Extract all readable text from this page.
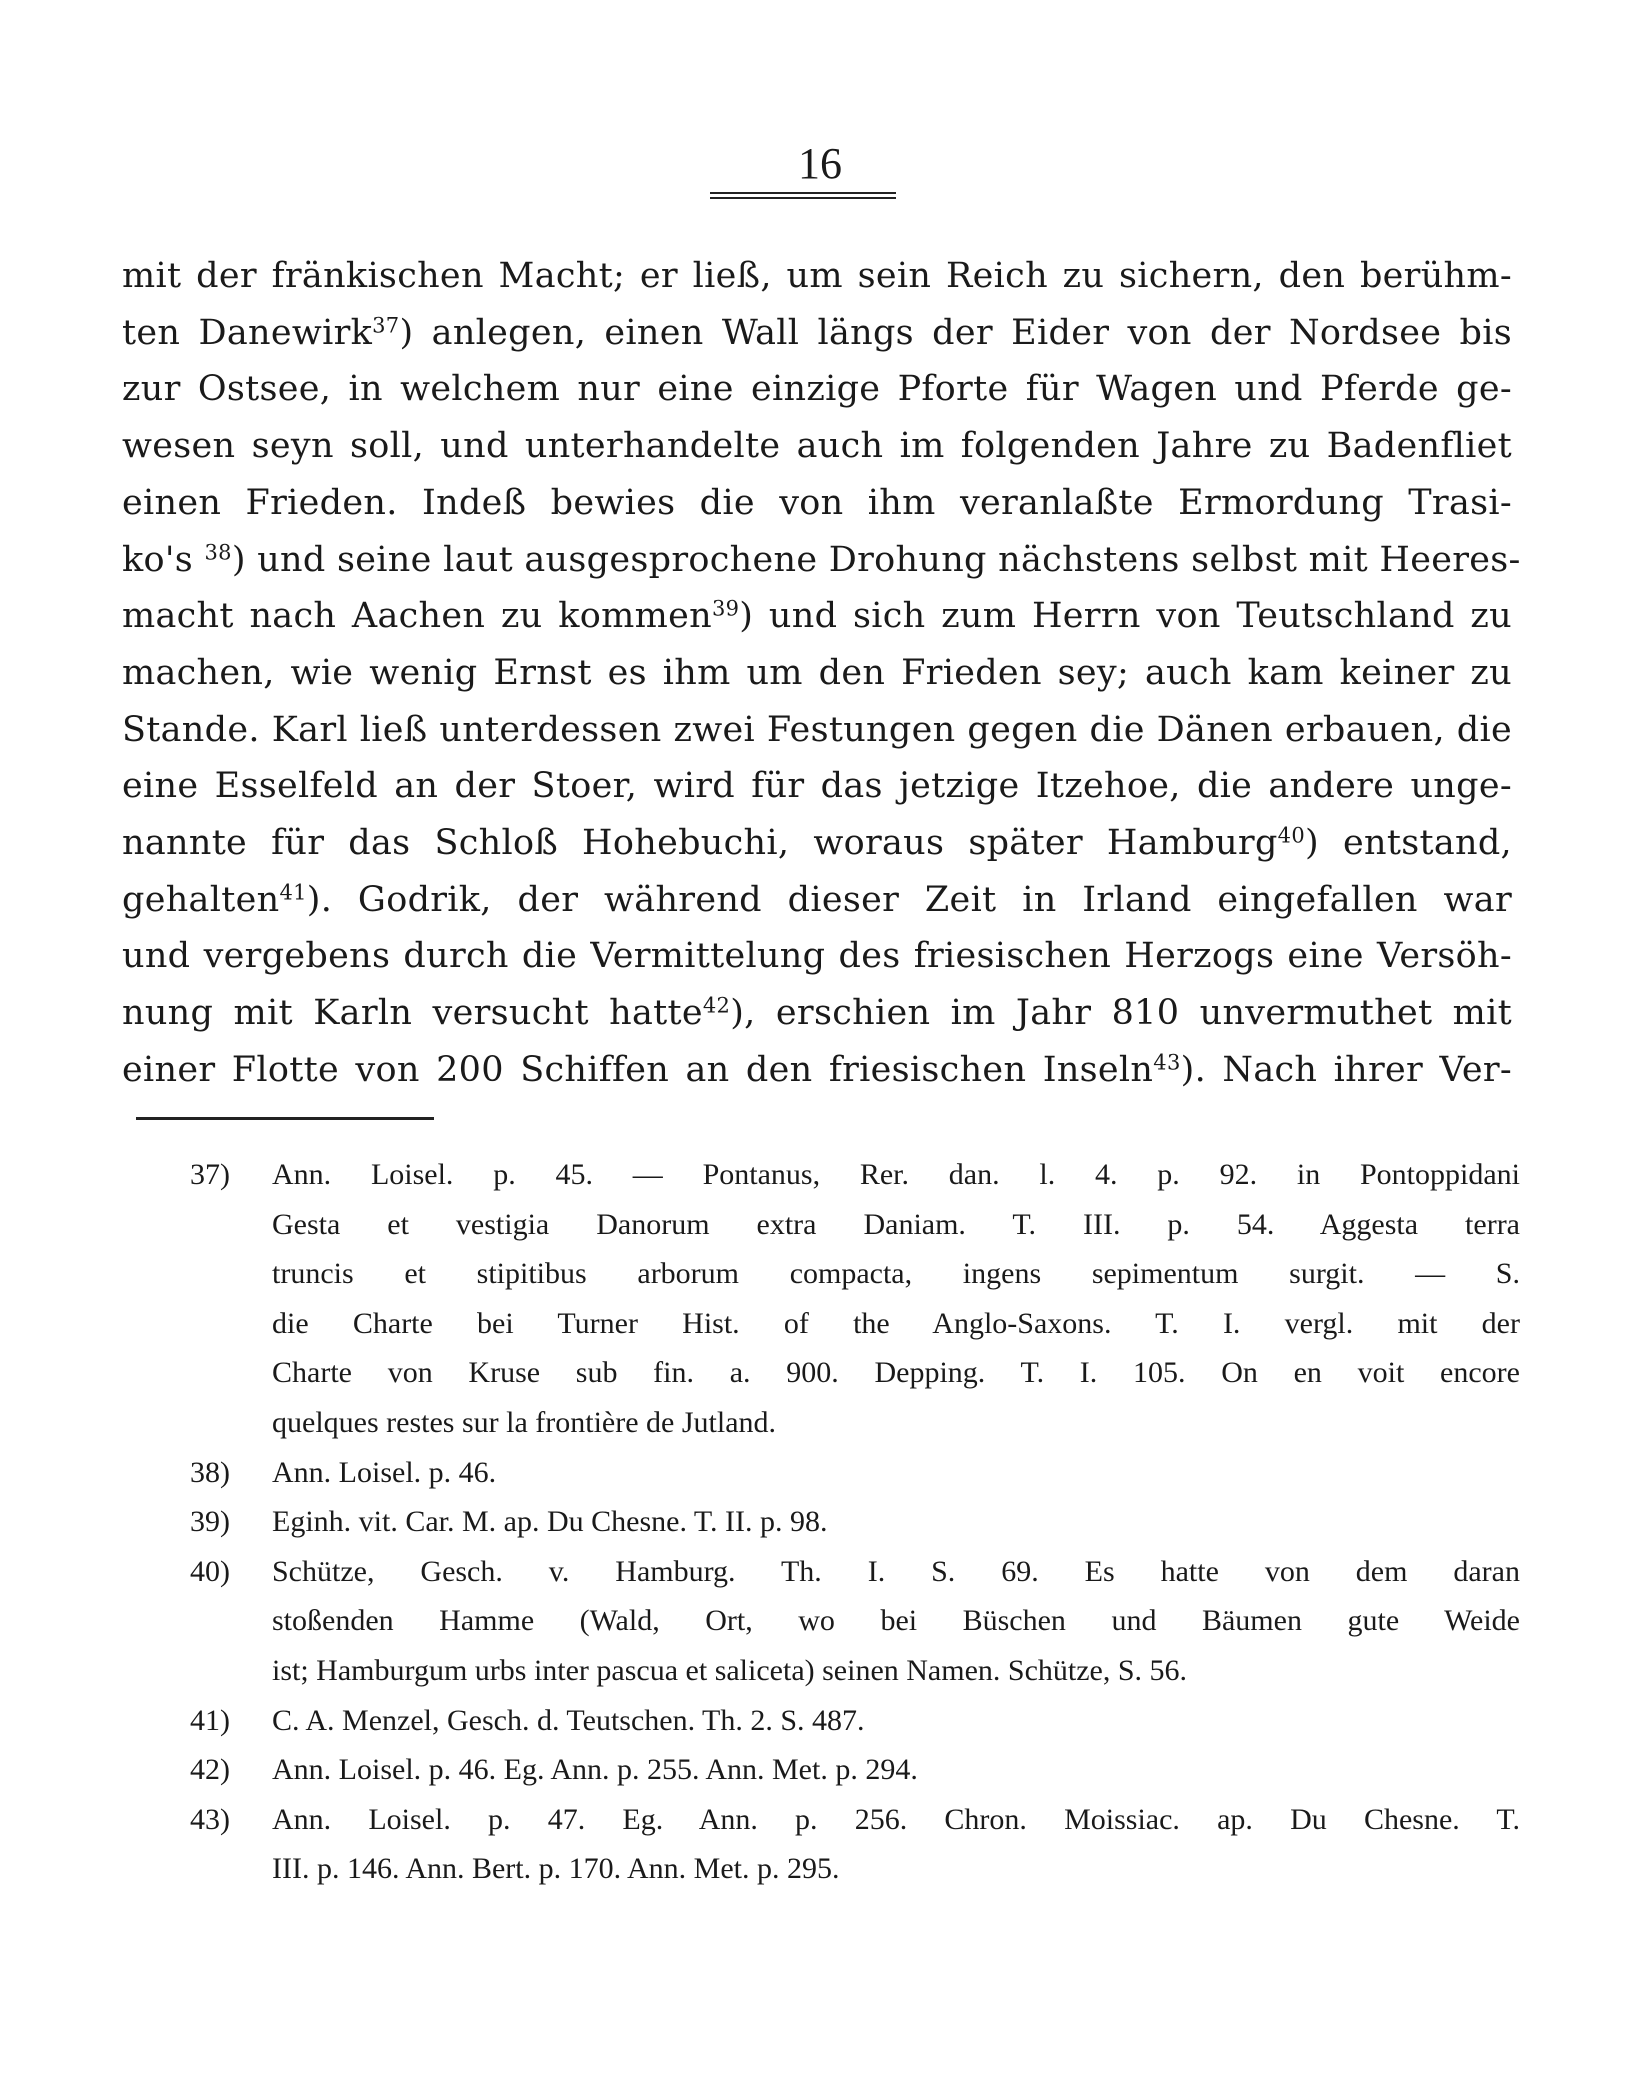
16
mit der fränkischen Macht; er ließ, um sein Reich zu sichern, den berühm-
ten Danewirk$^{37}$) anlegen, einen Wall längs der Eider von der Nordsee bis
zur Ostsee, in welchem nur eine einzige Pforte für Wagen und Pferde ge-
wesen seyn soll, und unterhandelte auch im folgenden Jahre zu Badenfliet
einen Frieden. Indeß bewies die von ihm veranlaßte Ermordung Trasi-
ko's $^{38}$) und seine laut ausgesprochene Drohung nächstens selbst mit Heeres-
macht nach Aachen zu kommen$^{39}$) und sich zum Herrn von Teutschland zu
machen, wie wenig Ernst es ihm um den Frieden sey; auch kam keiner zu
Stande. Karl ließ unterdessen zwei Festungen gegen die Dänen erbauen, die
eine Esselfeld an der Stoer, wird für das jetzige Itzehoe, die andere unge-
nannte für das Schloß Hohebuchi, woraus später Hamburg$^{40}$) entstand,
gehalten$^{41}$). Godrik, der während dieser Zeit in Irland eingefallen war
und vergebens durch die Vermittelung des friesischen Herzogs eine Versöh-
nung mit Karln versucht hatte$^{42}$), erschien im Jahr 810 unvermuthet mit
einer Flotte von 200 Schiffen an den friesischen Inseln$^{43}$). Nach ihrer Ver-
37)	Ann. Loisel. p. 45. — Pontanus, Rer. dan. l. 4. p. 92. in Pontoppidani
Gesta et vestigia Danorum extra Daniam. T. III. p. 54. Aggesta terra
truncis et stipitibus arborum compacta, ingens sepimentum surgit. — S.
die Charte bei Turner Hist. of the Anglo-Saxons. T. I. vergl. mit der
Charte von Kruse sub fin. a. 900. Depping. T. I. 105. On en voit encore
quelques restes sur la frontière de Jutland.
38)	Ann. Loisel. p. 46.
39)	Eginh. vit. Car. M. ap. Du Chesne. T. II. p. 98.
40)	Schütze, Gesch. v. Hamburg. Th. I. S. 69. Es hatte von dem daran
stoßenden Hamme (Wald, Ort, wo bei Büschen und Bäumen gute Weide
ist; Hamburgum urbs inter pascua et saliceta) seinen Namen. Schütze, S. 56.
41)	C. A. Menzel, Gesch. d. Teutschen. Th. 2. S. 487.
42)	Ann. Loisel. p. 46. Eg. Ann. p. 255. Ann. Met. p. 294.
43)	Ann. Loisel. p. 47. Eg. Ann. p. 256. Chron. Moissiac. ap. Du Chesne. T.
III. p. 146. Ann. Bert. p. 170. Ann. Met. p. 295.
